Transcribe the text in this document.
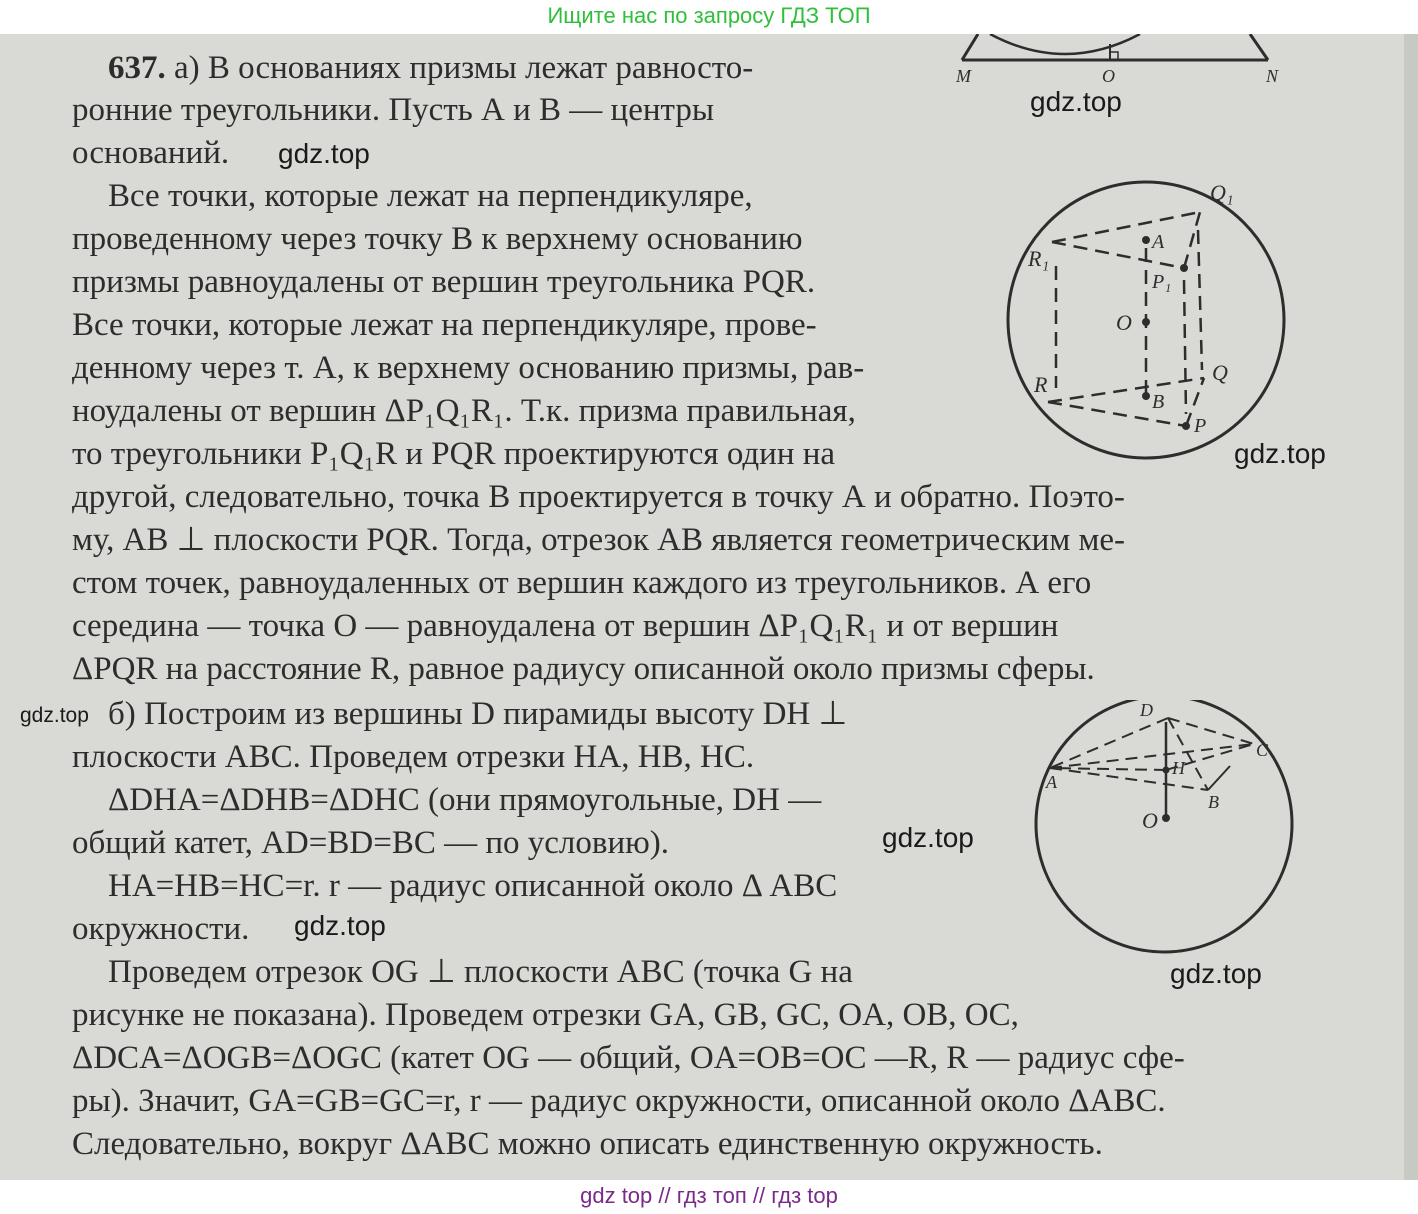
Ищите нас по запросу ГДЗ ТОП
M	O	N
Q₁
R₁
A
P₁
O
Q
R
B
P
D
C
A
H
B
O
637. а) В основаниях призмы лежат равносто-
ронние треугольники. Пусть А и В — центры
оснований.
Все точки, которые лежат на перпендикуляре,
проведенному через точку В к верхнему основанию
призмы равноудалены от вершин треугольника PQR.
Все точки, которые лежат на перпендикуляре, прове-
денному через т. А, к верхнему основанию призмы, рав-
ноудалены от вершин ΔP₁Q₁R₁. Т.к. призма правильная,
то треугольники P₁Q₁R и PQR проектируются один на
другой, следовательно, точка В проектируется в точку А и обратно. Поэто-
му, АВ ⊥ плоскости PQR. Тогда, отрезок АВ является геометрическим ме-
стом точек, равноудаленных от вершин каждого из треугольников. А его
середина — точка О — равноудалена от вершин ΔP₁Q₁R₁ и от вершин
ΔPQR на расстояние R, равное радиусу описанной около призмы сферы.
б) Построим из вершины D пирамиды высоту DH ⊥
плоскости АВС. Проведем отрезки НА, НВ, НС.
ΔDHA=ΔDHB=ΔDHC (они прямоугольные, DH —
общий катет, AD=BD=BC — по условию).
HA=HB=HC=r. r — радиус описанной около Δ ABC
окружности.
Проведем отрезок OG ⊥ плоскости АВС (точка G на
рисунке не показана). Проведем отрезки GA, GB, GC, OA, OB, OC,
ΔDCA=ΔOGB=ΔOGC (катет OG — общий, OA=OB=OC —R, R — радиус сфе-
ры). Значит, GA=GB=GC=r, r — радиус окружности, описанной около ΔABC.
Следовательно, вокруг ΔABC можно описать единственную окружность.
gdz.top
gdz.top
gdz.top
gdz.top
gdz.top
gdz.top
gdz.top
gdz top // гдз топ // гдз top
